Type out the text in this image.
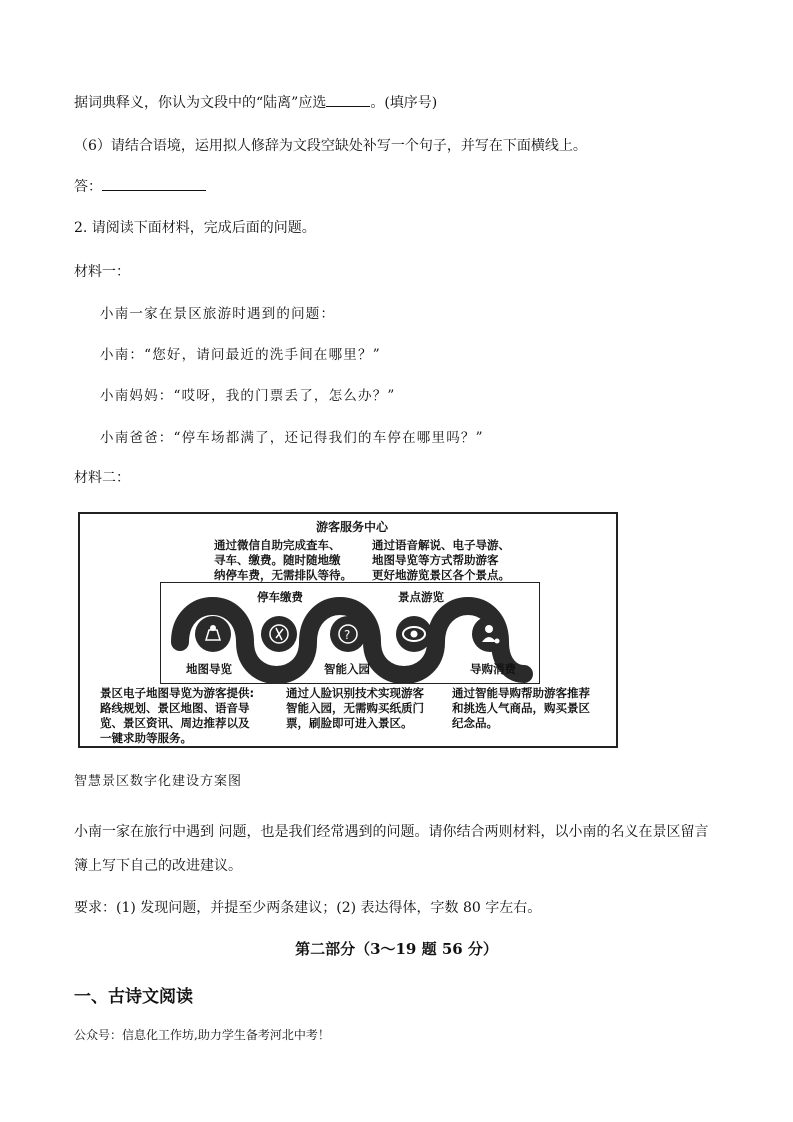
据词典释义，你认为文段中的“陆离”应选	。(填序号)
（6）请结合语境，运用拟人修辞为文段空缺处补写一个句子，并写在下面横线上。
答：
2. 请阅读下面材料，完成后面的问题。
材料一：
小南一家在景区旅游时遇到的问题：
小南：“您好，请问最近的洗手间在哪里？”
小南妈妈：“哎呀，我的门票丢了，怎么办？”
小南爸爸：“停车场都满了，还记得我们的车停在哪里吗？”
材料二：
游客服务中心
通过微信自助完成查车、
寻车、缴费。随时随地缴
纳停车费，无需排队等待。
通过语音解说、电子导游、
地图导览等方式帮助游客
更好地游览景区各个景点。
?
停车缴费	景点游览
地图导览	智能入园	导购消费
景区电子地图导览为游客提供:
路线规划、景区地图、语音导
览、景区资讯、周边推荐以及
一键求助等服务。
通过人脸识别技术实现游客
智能入园，无需购买纸质门
票，刷脸即可进入景区。
通过智能导购帮助游客推荐
和挑选人气商品，购买景区
纪念品。
智慧景区数字化建设方案图
小南一家在旅行中遇到 问题，也是我们经常遇到的问题。请你结合两则材料，以小南的名义在景区留言
簿上写下自己的改进建议。
要求：(1) 发现问题，并提至少两条建议；(2) 表达得体，字数 80 字左右。
第二部分（3～19 题 56 分）
一、古诗文阅读
公众号：信息化工作坊,助力学生备考河北中考！
